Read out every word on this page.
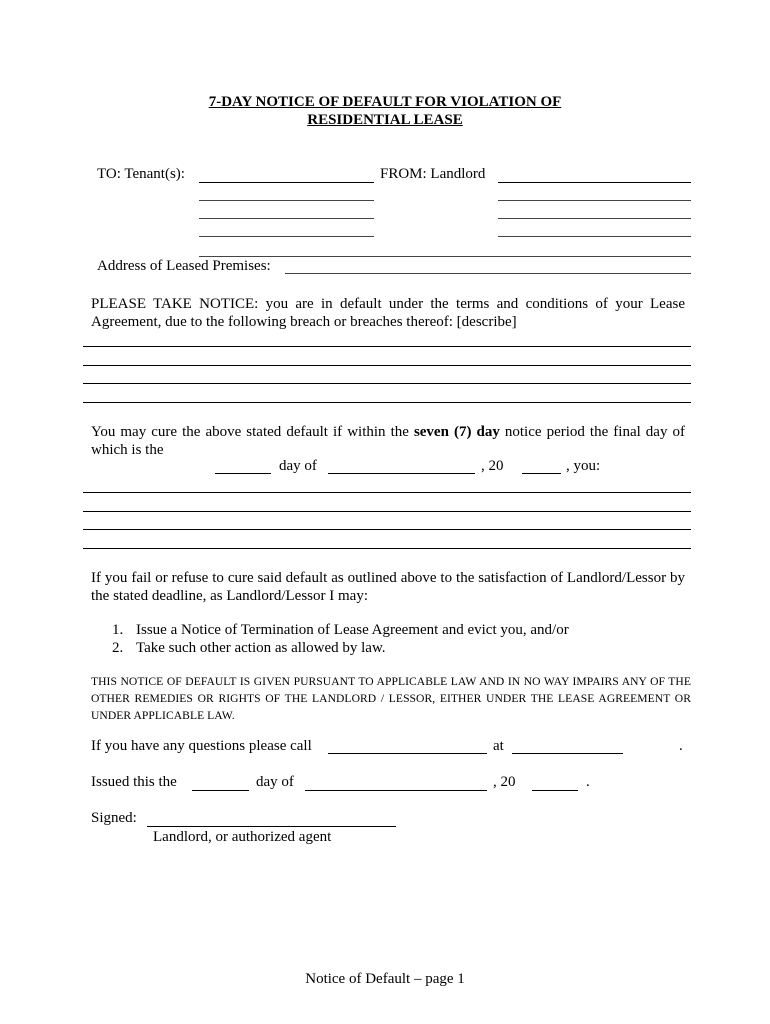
7-DAY NOTICE OF DEFAULT FOR VIOLATION OF
RESIDENTIAL LEASE
TO: Tenant(s):	FROM: Landlord
Address of Leased Premises:
PLEASE TAKE NOTICE: you are in default under the terms and conditions of your Lease Agreement, due to the following breach or breaches thereof: [describe]
You may cure the above stated default if within the seven (7) day notice period the final day of which is the
day of	, 20	, you:
If you fail or refuse to cure said default as outlined above to the satisfaction of Landlord/Lessor by the stated deadline, as Landlord/Lessor I may:
1. Issue a Notice of Termination of Lease Agreement and evict you, and/or
2. Take such other action as allowed by law.
THIS NOTICE OF DEFAULT IS GIVEN PURSUANT TO APPLICABLE LAW AND IN NO WAY IMPAIRS ANY OF THE OTHER REMEDIES OR RIGHTS OF THE LANDLORD / LESSOR, EITHER UNDER THE LEASE AGREEMENT OR UNDER APPLICABLE LAW.
If you have any questions please call	at	.
Issued this the	day of	, 20	.
Signed:
Landlord, or authorized agent
Notice of Default – page 1
